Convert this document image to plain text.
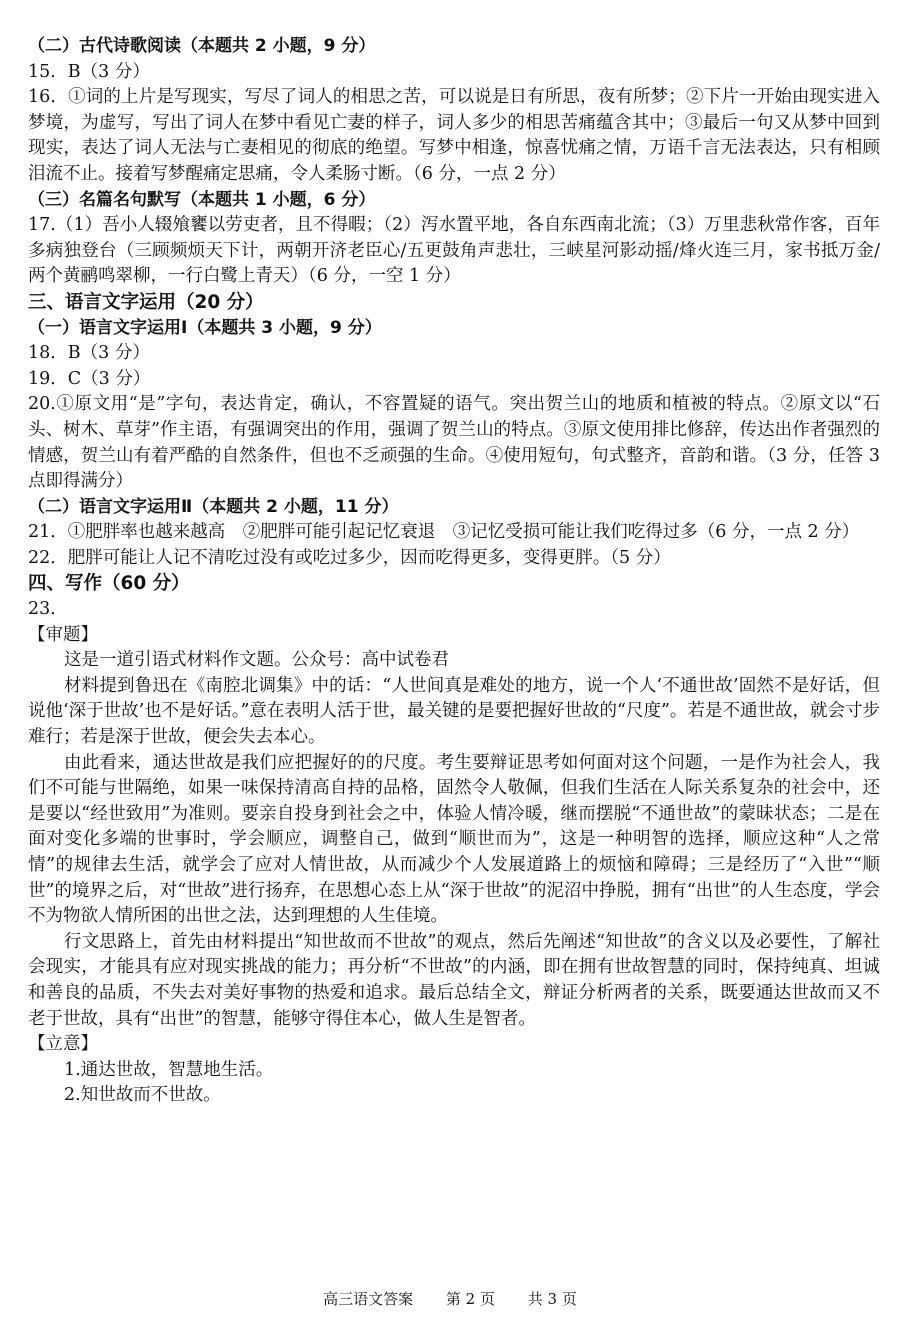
（二）古代诗歌阅读（本题共 2 小题，9 分）
15．B（3 分）
16．①词的上片是写现实，写尽了词人的相思之苦，可以说是日有所思，夜有所梦；②下片一开始由现实进入梦境，为虚写，写出了词人在梦中看见亡妻的样子，词人多少的相思苦痛蕴含其中；③最后一句又从梦中回到现实，表达了词人无法与亡妻相见的彻底的绝望。写梦中相逢，惊喜忧痛之情，万语千言无法表达，只有相顾泪流不止。接着写梦醒痛定思痛，令人柔肠寸断。（6 分，一点 2 分）
（三）名篇名句默写（本题共 1 小题，6 分）
17.（1）吾小人辍飧饔以劳吏者，且不得暇；（2）泻水置平地，各自东西南北流；（3）万里悲秋常作客，百年多病独登台（三顾频烦天下计，两朝开济老臣心/五更鼓角声悲壮，三峡星河影动摇/烽火连三月，家书抵万金/两个黄鹂鸣翠柳，一行白鹭上青天）（6 分，一空 1 分）
三、语言文字运用（20 分）
（一）语言文字运用Ⅰ（本题共 3 小题，9 分）
18．B（3 分）
19．C（3 分）
20.①原文用“是”字句，表达肯定，确认，不容置疑的语气。突出贺兰山的地质和植被的特点。②原文以“石头、树木、草芽”作主语，有强调突出的作用，强调了贺兰山的特点。③原文使用排比修辞，传达出作者强烈的情感，贺兰山有着严酷的自然条件，但也不乏顽强的生命。④使用短句，句式整齐，音韵和谐。（3 分，任答 3 点即得满分）
（二）语言文字运用Ⅱ（本题共 2 小题，11 分）
21．①肥胖率也越来越高　②肥胖可能引起记忆衰退　③记忆受损可能让我们吃得过多（6 分，一点 2 分）
22．肥胖可能让人记不清吃过没有或吃过多少，因而吃得更多，变得更胖。（5 分）
四、写作（60 分）
23．
【审题】
这是一道引语式材料作文题。公众号：高中试卷君
材料提到鲁迅在《南腔北调集》中的话：“人世间真是难处的地方，说一个人‘不通世故’固然不是好话，但说他‘深于世故’也不是好话。”意在表明人活于世，最关键的是要把握好世故的“尺度”。若是不通世故，就会寸步难行；若是深于世故，便会失去本心。
由此看来，通达世故是我们应把握好的的尺度。考生要辩证思考如何面对这个问题，一是作为社会人，我们不可能与世隔绝，如果一味保持清高自持的品格，固然令人敬佩，但我们生活在人际关系复杂的社会中，还是要以“经世致用”为准则。要亲自投身到社会之中，体验人情冷暖，继而摆脱“不通世故”的蒙昧状态；二是在面对变化多端的世事时，学会顺应，调整自己，做到“顺世而为”，这是一种明智的选择，顺应这种“人之常情”的规律去生活，就学会了应对人情世故，从而减少个人发展道路上的烦恼和障碍；三是经历了“入世”“顺世”的境界之后，对“世故”进行扬弃，在思想心态上从“深于世故”的泥沼中挣脱，拥有“出世”的人生态度，学会不为物欲人情所困的出世之法，达到理想的人生佳境。
行文思路上，首先由材料提出“知世故而不世故”的观点，然后先阐述“知世故”的含义以及必要性，了解社会现实，才能具有应对现实挑战的能力；再分析“不世故”的内涵，即在拥有世故智慧的同时，保持纯真、坦诚和善良的品质，不失去对美好事物的热爱和追求。最后总结全文，辩证分析两者的关系，既要通达世故而又不老于世故，具有“出世”的智慧，能够守得住本心，做人生是智者。
【立意】
1.通达世故，智慧地生活。
2.知世故而不世故。
高三语文答案 第 2 页 共 3 页
